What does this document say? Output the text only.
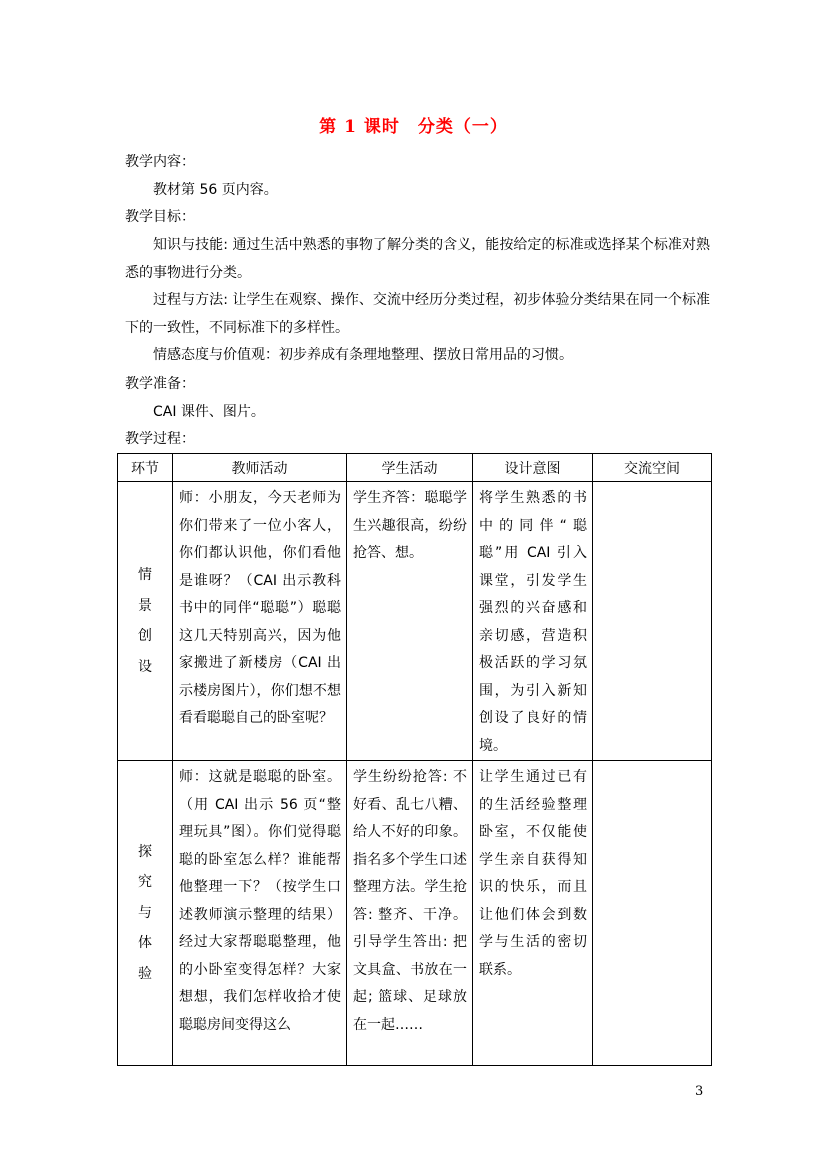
第 1 课时　分类（一）
教学内容：
教材第 56 页内容。
教学目标：
知识与技能: 通过生活中熟悉的事物了解分类的含义，能按给定的标准或选择某个标准对熟悉的事物进行分类。
过程与方法: 让学生在观察、操作、交流中经历分类过程，初步体验分类结果在同一个标准下的一致性，不同标准下的多样性。
情感态度与价值观：初步养成有条理地整理、摆放日常用品的习惯。
教学准备：
CAI 课件、图片。
教学过程：
环节	教师活动	学生活动	设计意图	交流空间

情
景
创
设	师：小朋友，今天老师为你们带来了一位小客人，你们都认识他，你们看他是谁呀？（CAI 出示教科书中的同伴“聪聪”）聪聪这几天特别高兴，因为他家搬进了新楼房（CAI 出示楼房图片），你们想不想看看聪聪自己的卧室呢？	学生齐答：聪聪学生兴趣很高，纷纷抢答、想。	将学生熟悉的书中的同伴“聪聪”用 CAI 引入课堂，引发学生强烈的兴奋感和亲切感，营造积极活跃的学习氛围，为引入新知创设了良好的情境。	

探
究
与
体
验	师：这就是聪聪的卧室。（用 CAI 出示 56 页“整理玩具”图）。你们觉得聪聪的卧室怎么样？谁能帮他整理一下？（按学生口述教师演示整理的结果）经过大家帮聪聪整理，他的小卧室变得怎样？大家想想，我们怎样收拾才使聪聪房间变得这么	学生纷纷抢答: 不好看、乱七八糟、给人不好的印象。指名多个学生口述整理方法。学生抢答: 整齐、干净。引导学生答出: 把文具盒、书放在一起; 篮球、足球放在一起……	让学生通过已有的生活经验整理卧室，不仅能使学生亲自获得知识的快乐，而且让他们体会到数学与生活的密切联系。	

3
